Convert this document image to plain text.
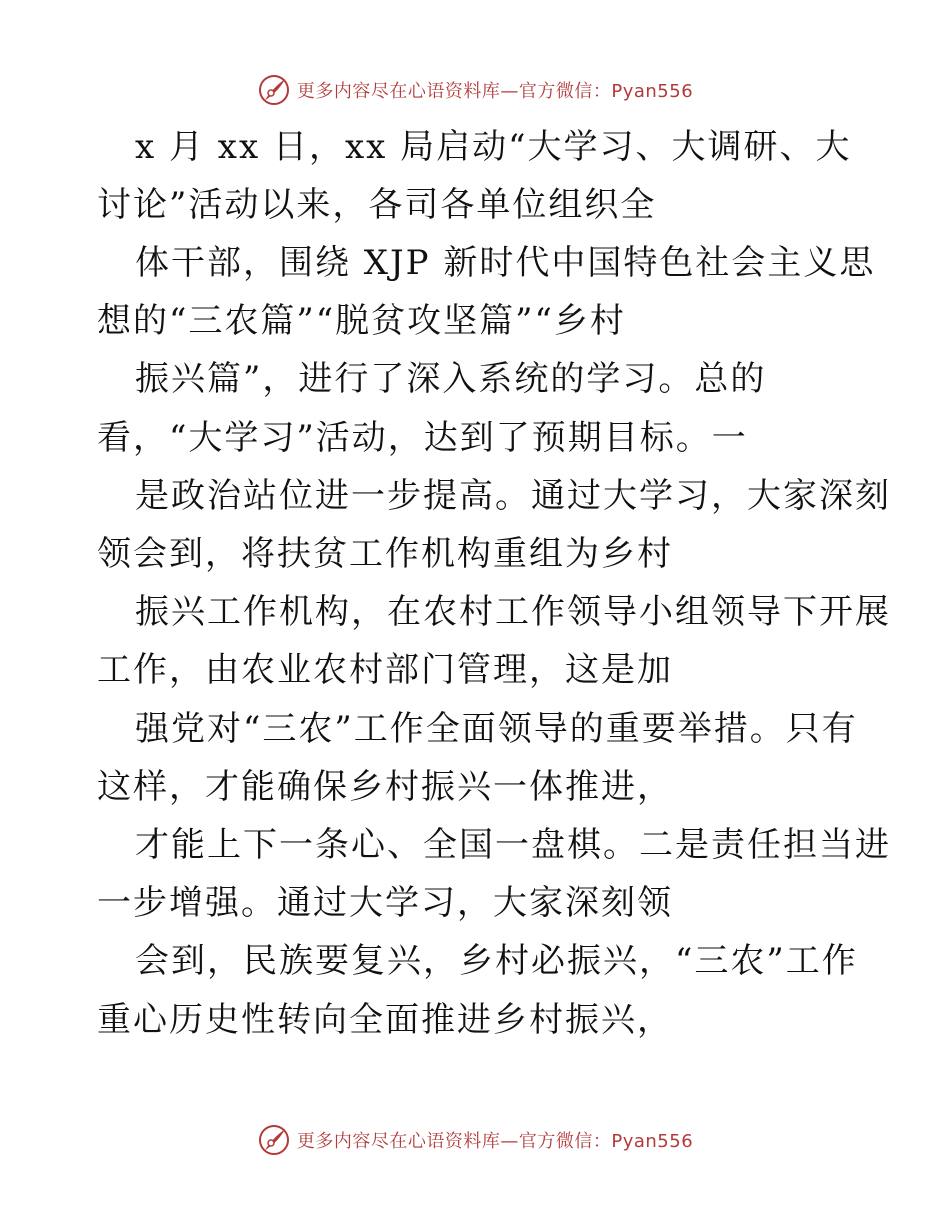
更多内容尽在心语资料库—官方微信：Pyan556
x 月 xx 日，xx 局启动“大学习、大调研、大
讨论”活动以来，各司各单位组织全
体干部，围绕 XJP 新时代中国特色社会主义思
想的“三农篇”“脱贫攻坚篇”“乡村
振兴篇”，进行了深入系统的学习。总的
看，“大学习”活动，达到了预期目标。一
是政治站位进一步提高。通过大学习，大家深刻
领会到，将扶贫工作机构重组为乡村
振兴工作机构，在农村工作领导小组领导下开展
工作，由农业农村部门管理，这是加
强党对“三农”工作全面领导的重要举措。只有
这样，才能确保乡村振兴一体推进，
才能上下一条心、全国一盘棋。二是责任担当进
一步增强。通过大学习，大家深刻领
会到，民族要复兴，乡村必振兴，“三农”工作
重心历史性转向全面推进乡村振兴，
更多内容尽在心语资料库—官方微信：Pyan556
